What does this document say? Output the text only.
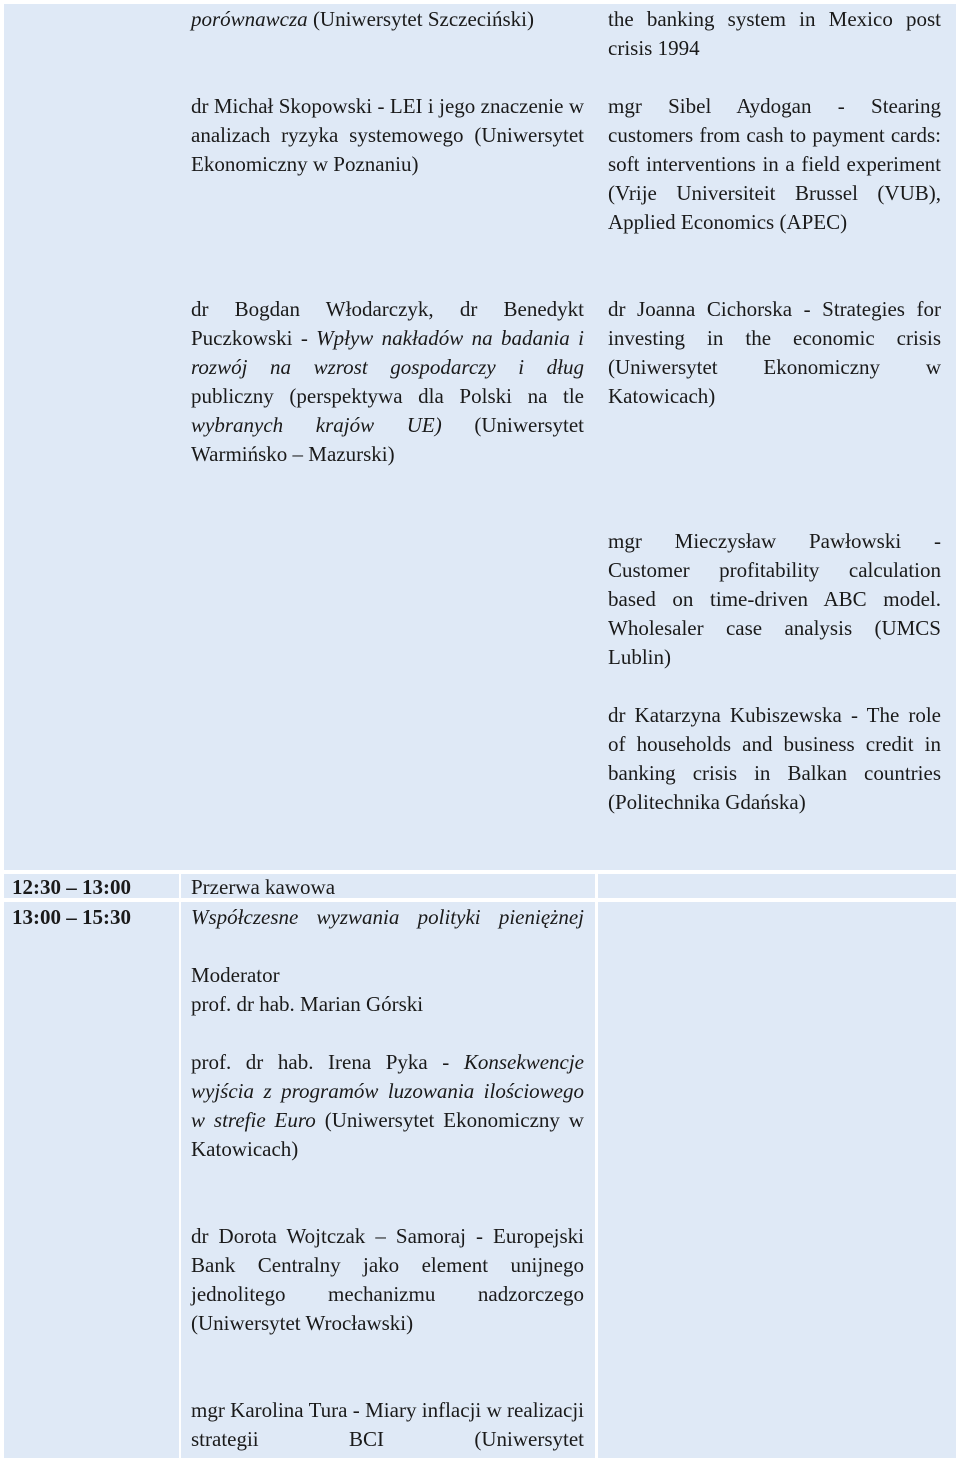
porównawcza (Uniwersytet Szczeciński)

dr Michał Skopowski - LEI i jego znaczenie w analizach ryzyka systemowego (Uniwersytet Ekonomiczny w Poznaniu)

dr Bogdan Włodarczyk, dr Benedykt Puczkowski - Wpływ nakładów na badania i rozwój na wzrost gospodarczy i dług publiczny (perspektywa dla Polski na tle wybranych krajów UE) (Uniwersytet Warmińsko – Mazurski)

the banking system in Mexico post crisis 1994

mgr Sibel Aydogan - Stearing customers from cash to payment cards: soft interventions in a field experiment (Vrije Universiteit Brussel (VUB), Applied Economics (APEC)

dr Joanna Cichorska - Strategies for investing in the economic crisis (Uniwersytet Ekonomiczny w Katowicach)

mgr Mieczysław Pawłowski - Customer profitability calculation based on time-driven ABC model. Wholesaler case analysis (UMCS Lublin)

dr Katarzyna Kubiszewska - The role of households and business credit in banking crisis in Balkan countries (Politechnika Gdańska)

12:30 – 13:00	Przerwa kawowa
13:00 – 15:30	Współczesne wyzwania polityki pieniężnej

Moderator
prof. dr hab. Marian Górski

prof. dr hab. Irena Pyka - Konsekwencje wyjścia z programów luzowania ilościowego w strefie Euro (Uniwersytet Ekonomiczny w Katowicach)

dr Dorota Wojtczak – Samoraj - Europejski Bank Centralny jako element unijnego jednolitego mechanizmu nadzorczego (Uniwersytet Wrocławski)

mgr Karolina Tura - Miary inflacji w realizacji strategii BCI (Uniwersytet
